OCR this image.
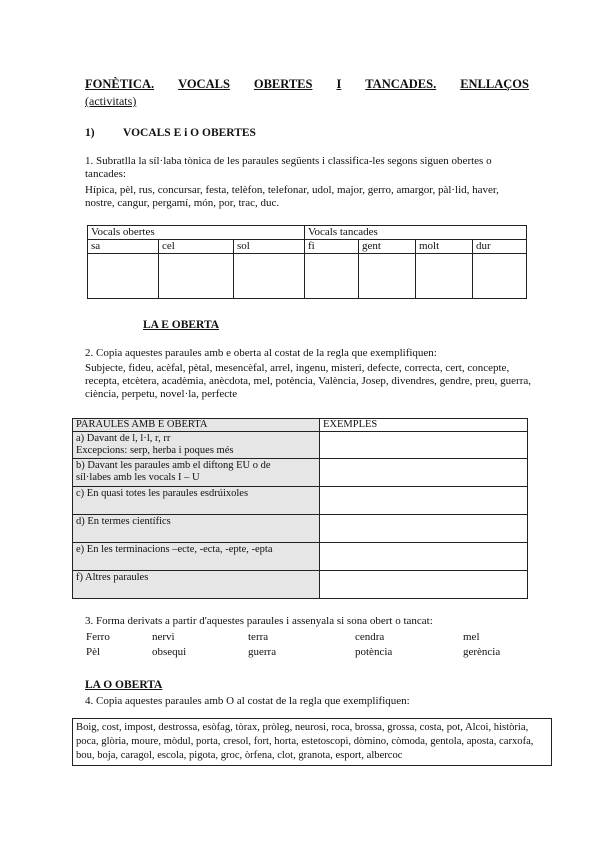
FONÈTICA. VOCALS OBERTES I TANCADES. ENLLAÇOS
(activitats)
1) VOCALS E i O OBERTES
1. Subratlla la síl·laba tònica de les paraules següents i classifica-les segons siguen obertes o tancades:
Hípica, pèl, rus, concursar, festa, telèfon, telefonar, udol, major, gerro, amargor, pàl·lid, haver, nostre, cangur, pergamí, món, por, trac, duc.
Vocals obertes			Vocals tancades			
sa	cel	sol	fi	gent	molt	dur

LA E OBERTA
2. Copia aquestes paraules amb e oberta al costat de la regla que exemplifiquen:
Subjecte, fideu, acèfal, pètal, mesencèfal, arrel, ingenu, misteri, defecte, correcta, cert, concepte, recepta, etcètera, acadèmia, anècdota, mel, potència, València, Josep, divendres, gendre, preu, guerra, ciència, perpetu, novel·la, perfecte
PARAULES AMB E OBERTA	EXEMPLES

a) Davant de l, l·l, r, rr
Excepcions: serp, herba i poques més	

b) Davant les paraules amb el diftong EU o de
síl·labes amb les vocals I – U	

c) En quasi totes les paraules esdrúixoles	

d) En termes científics	

e) En les terminacions –ecte, -ecta, -epte, -epta	

f) Altres paraules	

3. Forma derivats a partir d'aquestes paraules i assenyala si sona obert o tancat:
Ferro	nervi	terra	cendra	mel
Pèl	obsequi	guerra	potència	gerència
LA O OBERTA
4. Copia aquestes paraules amb O al costat de la regla que exemplifiquen:
Boig, cost, impost, destrossa, esòfag, tòrax, pròleg, neurosi, roca, brossa, grossa, costa, pot, Alcoi, història, poca, glòria, moure, mòdul, porta, cresol, fort, horta, estetoscopi, dòmino, còmoda, gentola, aposta, carxofa, bou, boja, caragol, escola, pigota, groc, òrfena, clot, granota, esport, albercoc
